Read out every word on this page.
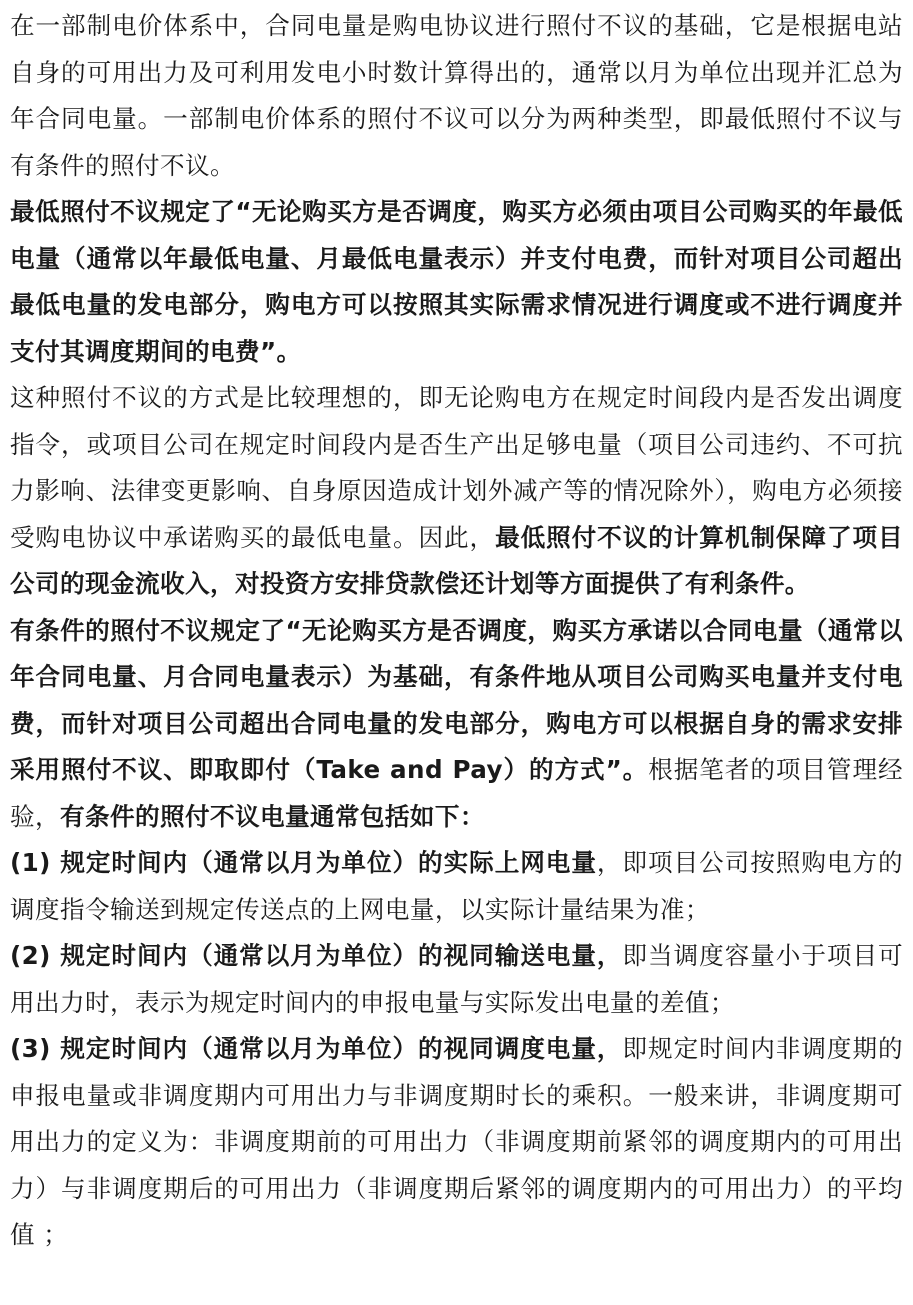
在一部制电价体系中，合同电量是购电协议进行照付不议的基础，它是根据电站自身的可用出力及可利用发电小时数计算得出的，通常以月为单位出现并汇总为年合同电量。一部制电价体系的照付不议可以分为两种类型，即最低照付不议与有条件的照付不议。

最低照付不议规定了“无论购买方是否调度，购买方必须由项目公司购买的年最低电量（通常以年最低电量、月最低电量表示）并支付电费，而针对项目公司超出最低电量的发电部分，购电方可以按照其实际需求情况进行调度或不进行调度并支付其调度期间的电费”。

这种照付不议的方式是比较理想的，即无论购电方在规定时间段内是否发出调度指令，或项目公司在规定时间段内是否生产出足够电量（项目公司违约、不可抗力影响、法律变更影响、自身原因造成计划外减产等的情况除外），购电方必须接受购电协议中承诺购买的最低电量。因此，最低照付不议的计算机制保障了项目公司的现金流收入，对投资方安排贷款偿还计划等方面提供了有利条件。

有条件的照付不议规定了“无论购买方是否调度，购买方承诺以合同电量（通常以年合同电量、月合同电量表示）为基础，有条件地从项目公司购买电量并支付电费，而针对项目公司超出合同电量的发电部分，购电方可以根据自身的需求安排采用照付不议、即取即付（Take and Pay）的方式”。根据笔者的项目管理经验，有条件的照付不议电量通常包括如下：

(1) 规定时间内（通常以月为单位）的实际上网电量，即项目公司按照购电方的调度指令输送到规定传送点的上网电量，以实际计量结果为准；

(2) 规定时间内（通常以月为单位）的视同输送电量，即当调度容量小于项目可用出力时，表示为规定时间内的申报电量与实际发出电量的差值；

(3) 规定时间内（通常以月为单位）的视同调度电量，即规定时间内非调度期的申报电量或非调度期内可用出力与非调度期时长的乘积。一般来讲，非调度期可用出力的定义为：非调度期前的可用出力（非调度期前紧邻的调度期内的可用出力）与非调度期后的可用出力（非调度期后紧邻的调度期内的可用出力）的平均值 ；
